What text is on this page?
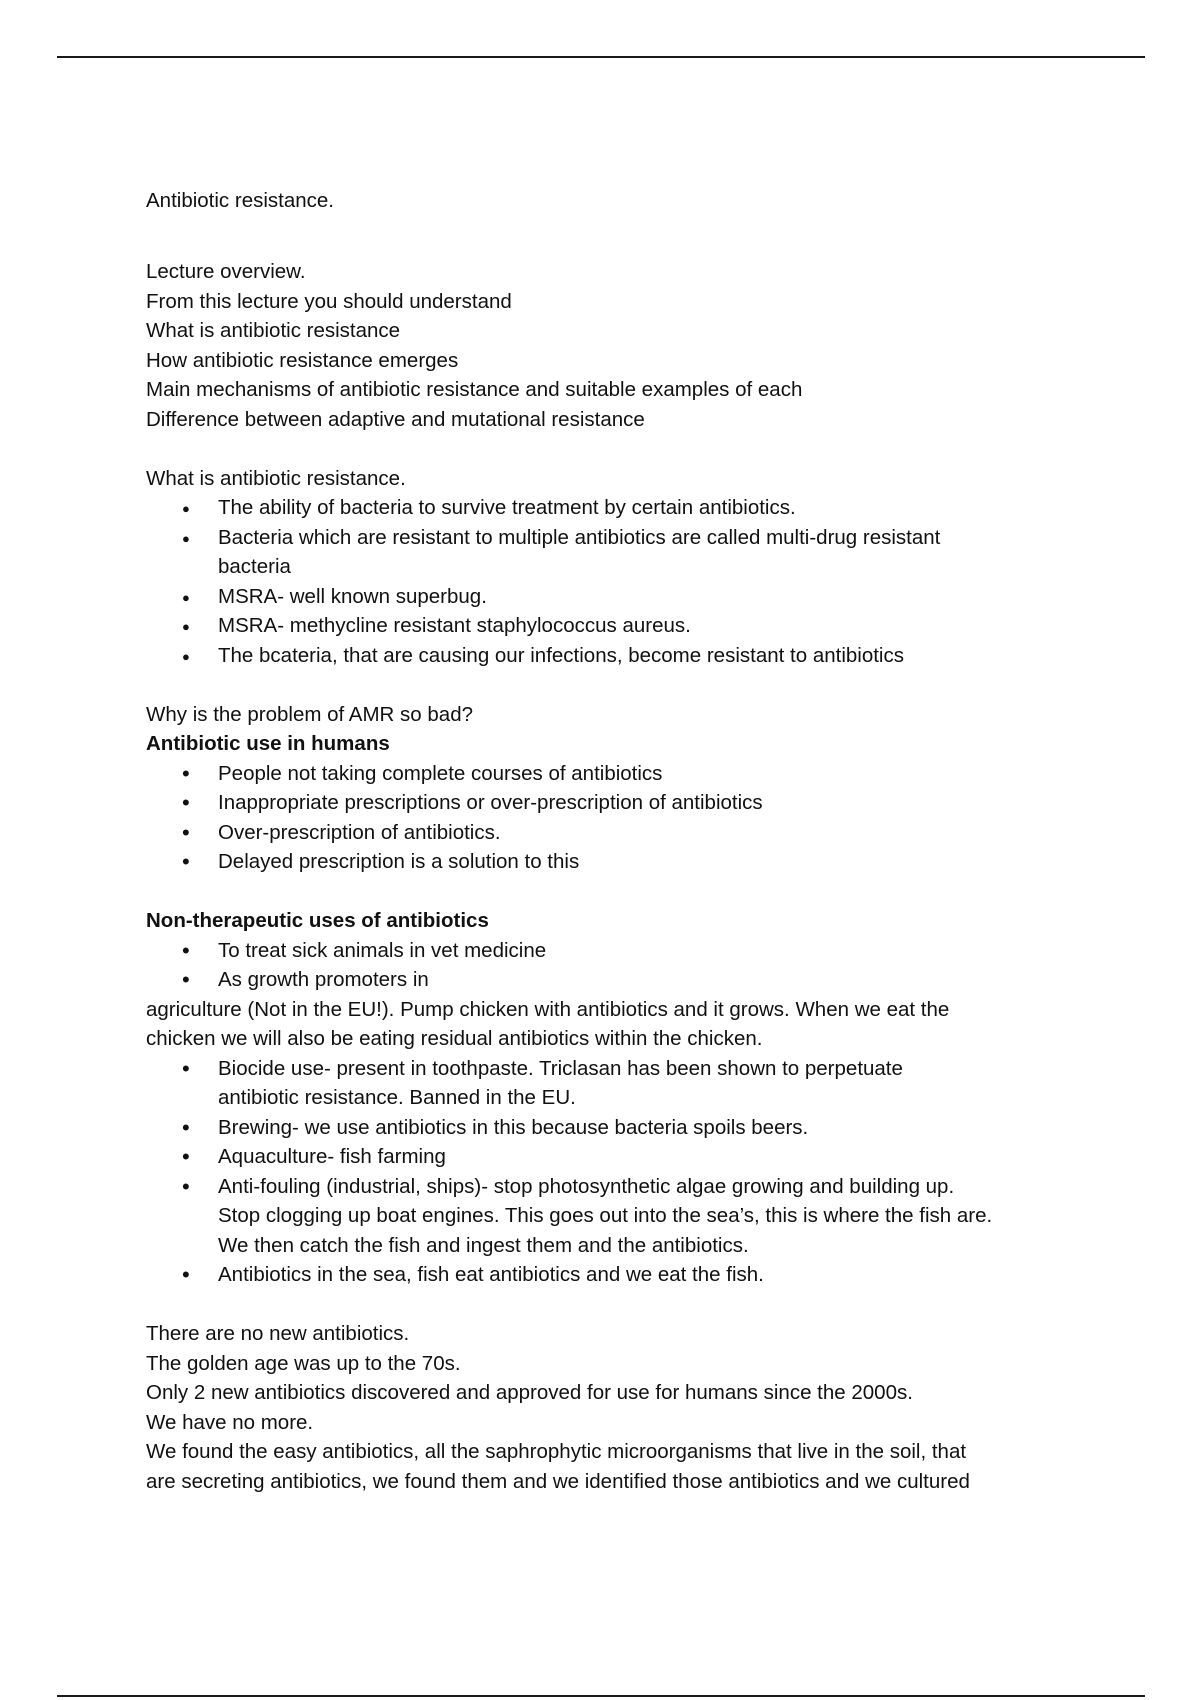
Antibiotic resistance.

Lecture overview.

From this lecture you should understand

What is antibiotic resistance

How antibiotic resistance emerges

Main mechanisms of antibiotic resistance and suitable examples of each

Difference between adaptive and mutational resistance

What is antibiotic resistance.

● The ability of bacteria to survive treatment by certain antibiotics.
● Bacteria which are resistant to multiple antibiotics are called multi-drug resistant
bacteria
● MSRA- well known superbug.
● MSRA- methycline resistant staphylococcus aureus.
● The bcateria, that are causing our infections, become resistant to antibiotics

Why is the problem of AMR so bad?

Antibiotic use in humans

• People not taking complete courses of antibiotics
• Inappropriate prescriptions or over-prescription of antibiotics
• Over-prescription of antibiotics.
• Delayed prescription is a solution to this

Non-therapeutic uses of antibiotics

• To treat sick animals in vet medicine
• As growth promoters in

agriculture (Not in the EU!). Pump chicken with antibiotics and it grows. When we eat the

chicken we will also be eating residual antibiotics within the chicken.

• Biocide use- present in toothpaste. Triclasan has been shown to perpetuate
antibiotic resistance. Banned in the EU.
• Brewing- we use antibiotics in this because bacteria spoils beers.
• Aquaculture- fish farming
• Anti-fouling (industrial, ships)- stop photosynthetic algae growing and building up.
Stop clogging up boat engines. This goes out into the sea’s, this is where the fish are.
We then catch the fish and ingest them and the antibiotics.
• Antibiotics in the sea, fish eat antibiotics and we eat the fish.

There are no new antibiotics.

The golden age was up to the 70s.

Only 2 new antibiotics discovered and approved for use for humans since the 2000s.

We have no more.

We found the easy antibiotics, all the saphrophytic microorganisms that live in the soil, that

are secreting antibiotics, we found them and we identified those antibiotics and we cultured
